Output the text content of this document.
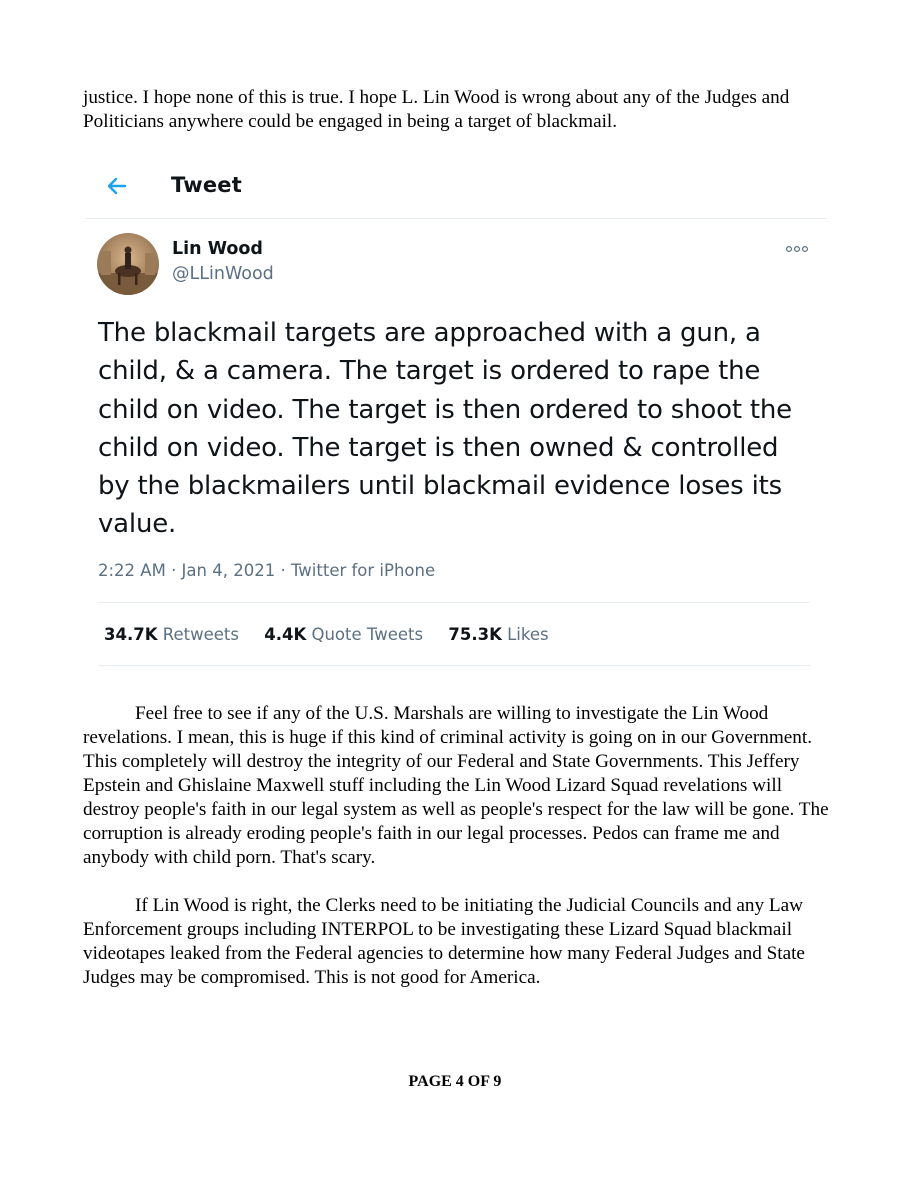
justice. I hope none of this is true. I hope L. Lin Wood is wrong about any of the Judges and Politicians anywhere could be engaged in being a target of blackmail.

Tweet
Lin Wood
@LLinWood

The blackmail targets are approached with a gun, a child, & a camera. The target is ordered to rape the child on video. The target is then ordered to shoot the child on video. The target is then owned & controlled by the blackmailers until blackmail evidence loses its value.

2:22 AM · Jan 4, 2021 · Twitter for iPhone
34.7K Retweets 4.4K Quote Tweets 75.3K Likes

Feel free to see if any of the U.S. Marshals are willing to investigate the Lin Wood revelations. I mean, this is huge if this kind of criminal activity is going on in our Government. This completely will destroy the integrity of our Federal and State Governments. This Jeffery Epstein and Ghislaine Maxwell stuff including the Lin Wood Lizard Squad revelations will destroy people's faith in our legal system as well as people's respect for the law will be gone. The corruption is already eroding people's faith in our legal processes. Pedos can frame me and anybody with child porn. That's scary.

If Lin Wood is right, the Clerks need to be initiating the Judicial Councils and any Law Enforcement groups including INTERPOL to be investigating these Lizard Squad blackmail videotapes leaked from the Federal agencies to determine how many Federal Judges and State Judges may be compromised. This is not good for America.

PAGE 4 OF 9
